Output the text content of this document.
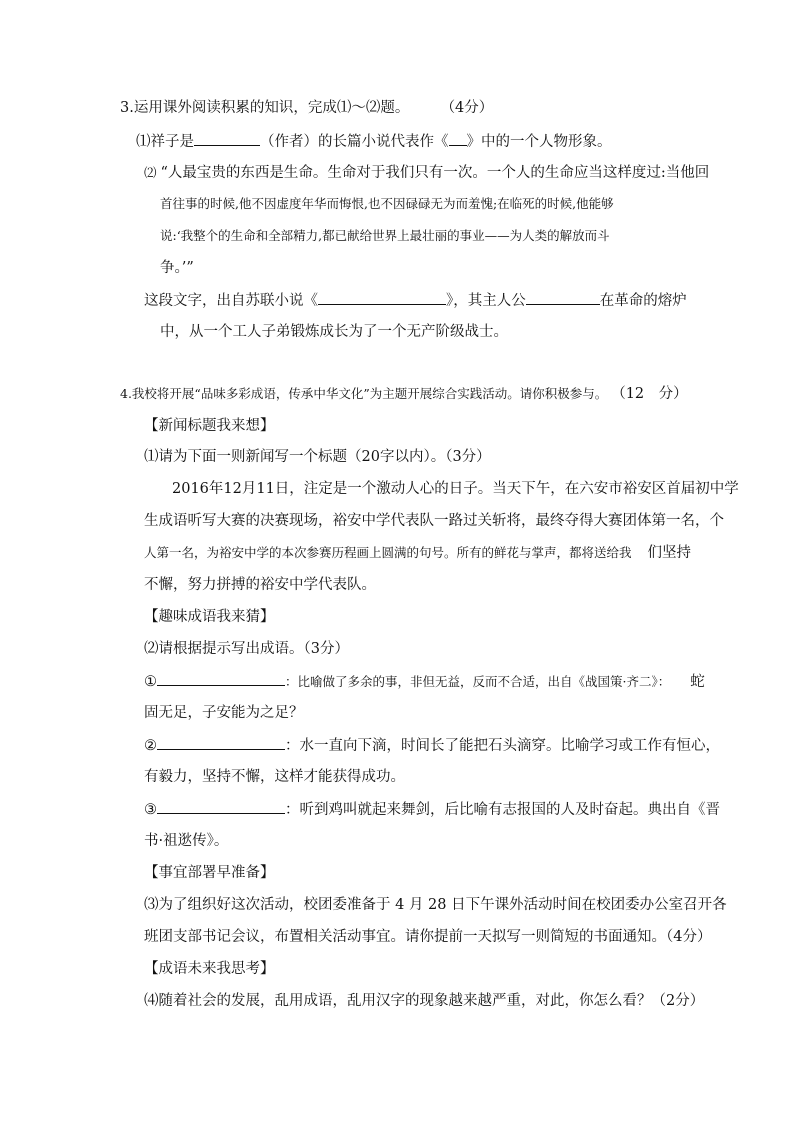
3.运用课外阅读积累的知识，完成⑴～⑵题。 （4分）
⑴祥子是	（作者）的长篇小说代表作《 》中的一个人物形象。
⑵ “人最宝贵的东西是生命。生命对于我们只有一次。一个人的生命应当这样度过:当他回
首往事的时候,他不因虚度年华而悔恨,也不因碌碌无为而羞愧;在临死的时候,他能够
说:‘我整个的生命和全部精力,都已献给世界上最壮丽的事业——为人类的解放而斗
争。’”
这段文字，出自苏联小说《	》，其主人公	在革命的熔炉
中，从一个工人子弟锻炼成长为了一个无产阶级战士。
4.我校将开展“品味多彩成语，传承中华文化”为主题开展综合实践活动。请你积极参与。 （12　分）
【新闻标题我来想】
⑴请为下面一则新闻写一个标题（20字以内）。（3分）
2016年12月11日，注定是一个激动人心的日子。当天下午，在六安市裕安区首届初中学
生成语听写大赛的决赛现场，裕安中学代表队一路过关斩将，最终夺得大赛团体第一名，个
人第一名，为裕安中学的本次参赛历程画上圆满的句号。所有的鲜花与掌声，都将送给我 们坚持
不懈，努力拼搏的裕安中学代表队。
【趣味成语我来猜】
⑵请根据提示写出成语。（3分）
①	：比喻做了多余的事，非但无益，反而不合适，出自《战国策·齐二》： 蛇
固无足，子安能为之足？
②	：水一直向下滴，时间长了能把石头滴穿。比喻学习或工作有恒心，
有毅力，坚持不懈，这样才能获得成功。
③	：听到鸡叫就起来舞剑，后比喻有志报国的人及时奋起。典出自《晋
书·祖逖传》。
【事宜部署早准备】
⑶为了组织好这次活动，校团委准备于 4 月 28 日下午课外活动时间在校团委办公室召开各
班团支部书记会议，布置相关活动事宜。请你提前一天拟写一则简短的书面通知。（4分）
【成语未来我思考】
⑷随着社会的发展，乱用成语，乱用汉字的现象越来越严重，对此，你怎么看？（2分）
